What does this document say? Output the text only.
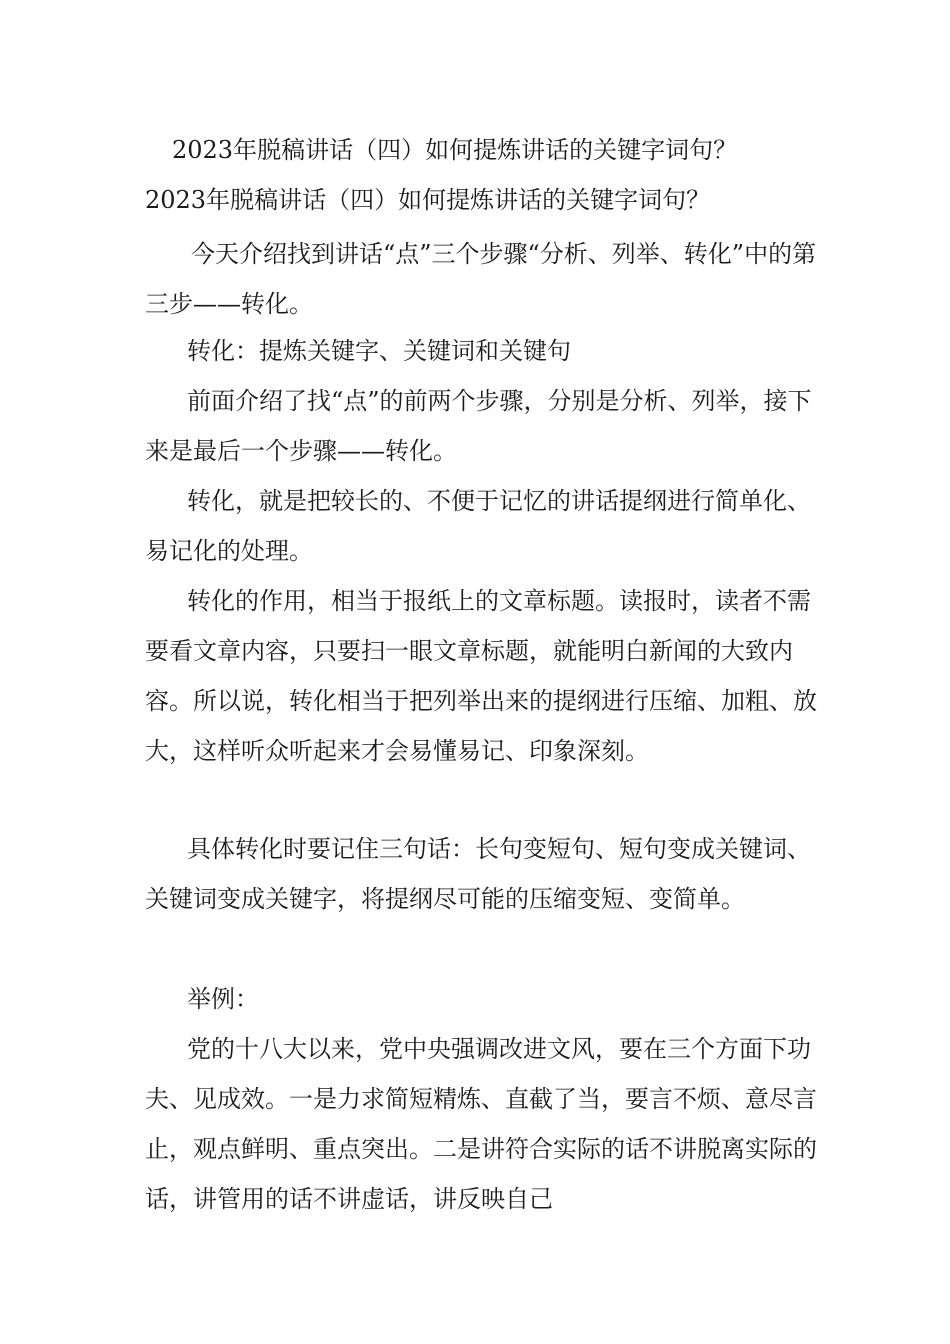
2023年脱稿讲话（四）如何提炼讲话的关键字词句？

2023年脱稿讲话（四）如何提炼讲话的关键字词句？

今天介绍找到讲话“点”三个步骤“分析、列举、转化”中的第三步——转化。

转化：提炼关键字、关键词和关键句

前面介绍了找“点”的前两个步骤，分别是分析、列举，接下来是最后一个步骤——转化。

转化，就是把较长的、不便于记忆的讲话提纲进行简单化、易记化的处理。

转化的作用，相当于报纸上的文章标题。读报时，读者不需要看文章内容，只要扫一眼文章标题，就能明白新闻的大致内容。所以说，转化相当于把列举出来的提纲进行压缩、加粗、放大，这样听众听起来才会易懂易记、印象深刻。

具体转化时要记住三句话：长句变短句、短句变成关键词、关键词变成关键字，将提纲尽可能的压缩变短、变简单。

举例：

党的十八大以来，党中央强调改进文风，要在三个方面下功夫、见成效。一是力求简短精炼、直截了当，要言不烦、意尽言止，观点鲜明、重点突出。二是讲符合实际的话不讲脱离实际的话，讲管用的话不讲虚话，讲反映自己
